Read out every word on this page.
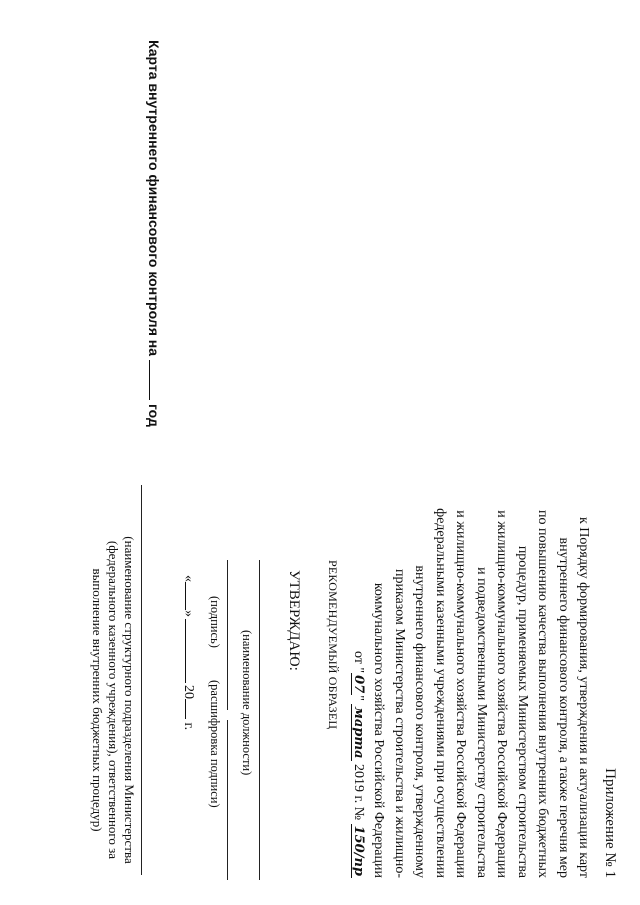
Приложение № 1
к Порядку формирования, утверждения и актуализации карт
внутреннего финансового контроля, а также перечня мер
по повышению качества выполнения внутренних бюджетных
процедур, применяемых Министерством строительства
и жилищно-коммунального хозяйства Российской Федерации
и подведомственными Министерству строительства
и жилищно-коммунального хозяйства Российской Федерации
федеральными казенными учреждениями при осуществлении
внутреннего финансового контроля, утвержденному
приказом Министерства строительства и жилищно-
коммунального хозяйства Российской Федерации
от "07" марта 2019 г. № 150/пр
РЕКОМЕНДУЕМЫЙ ОБРАЗЕЦ
УТВЕРЖДАЮ:
(наименование должности)
(подпись)
(расшифровка подписи)
«»20 г.
Карта внутреннего финансового контроля нагод
(наименование структурного подразделения Министерства (федерального казенного учреждения), ответственного за выполнение внутренних бюджетных процедур)
